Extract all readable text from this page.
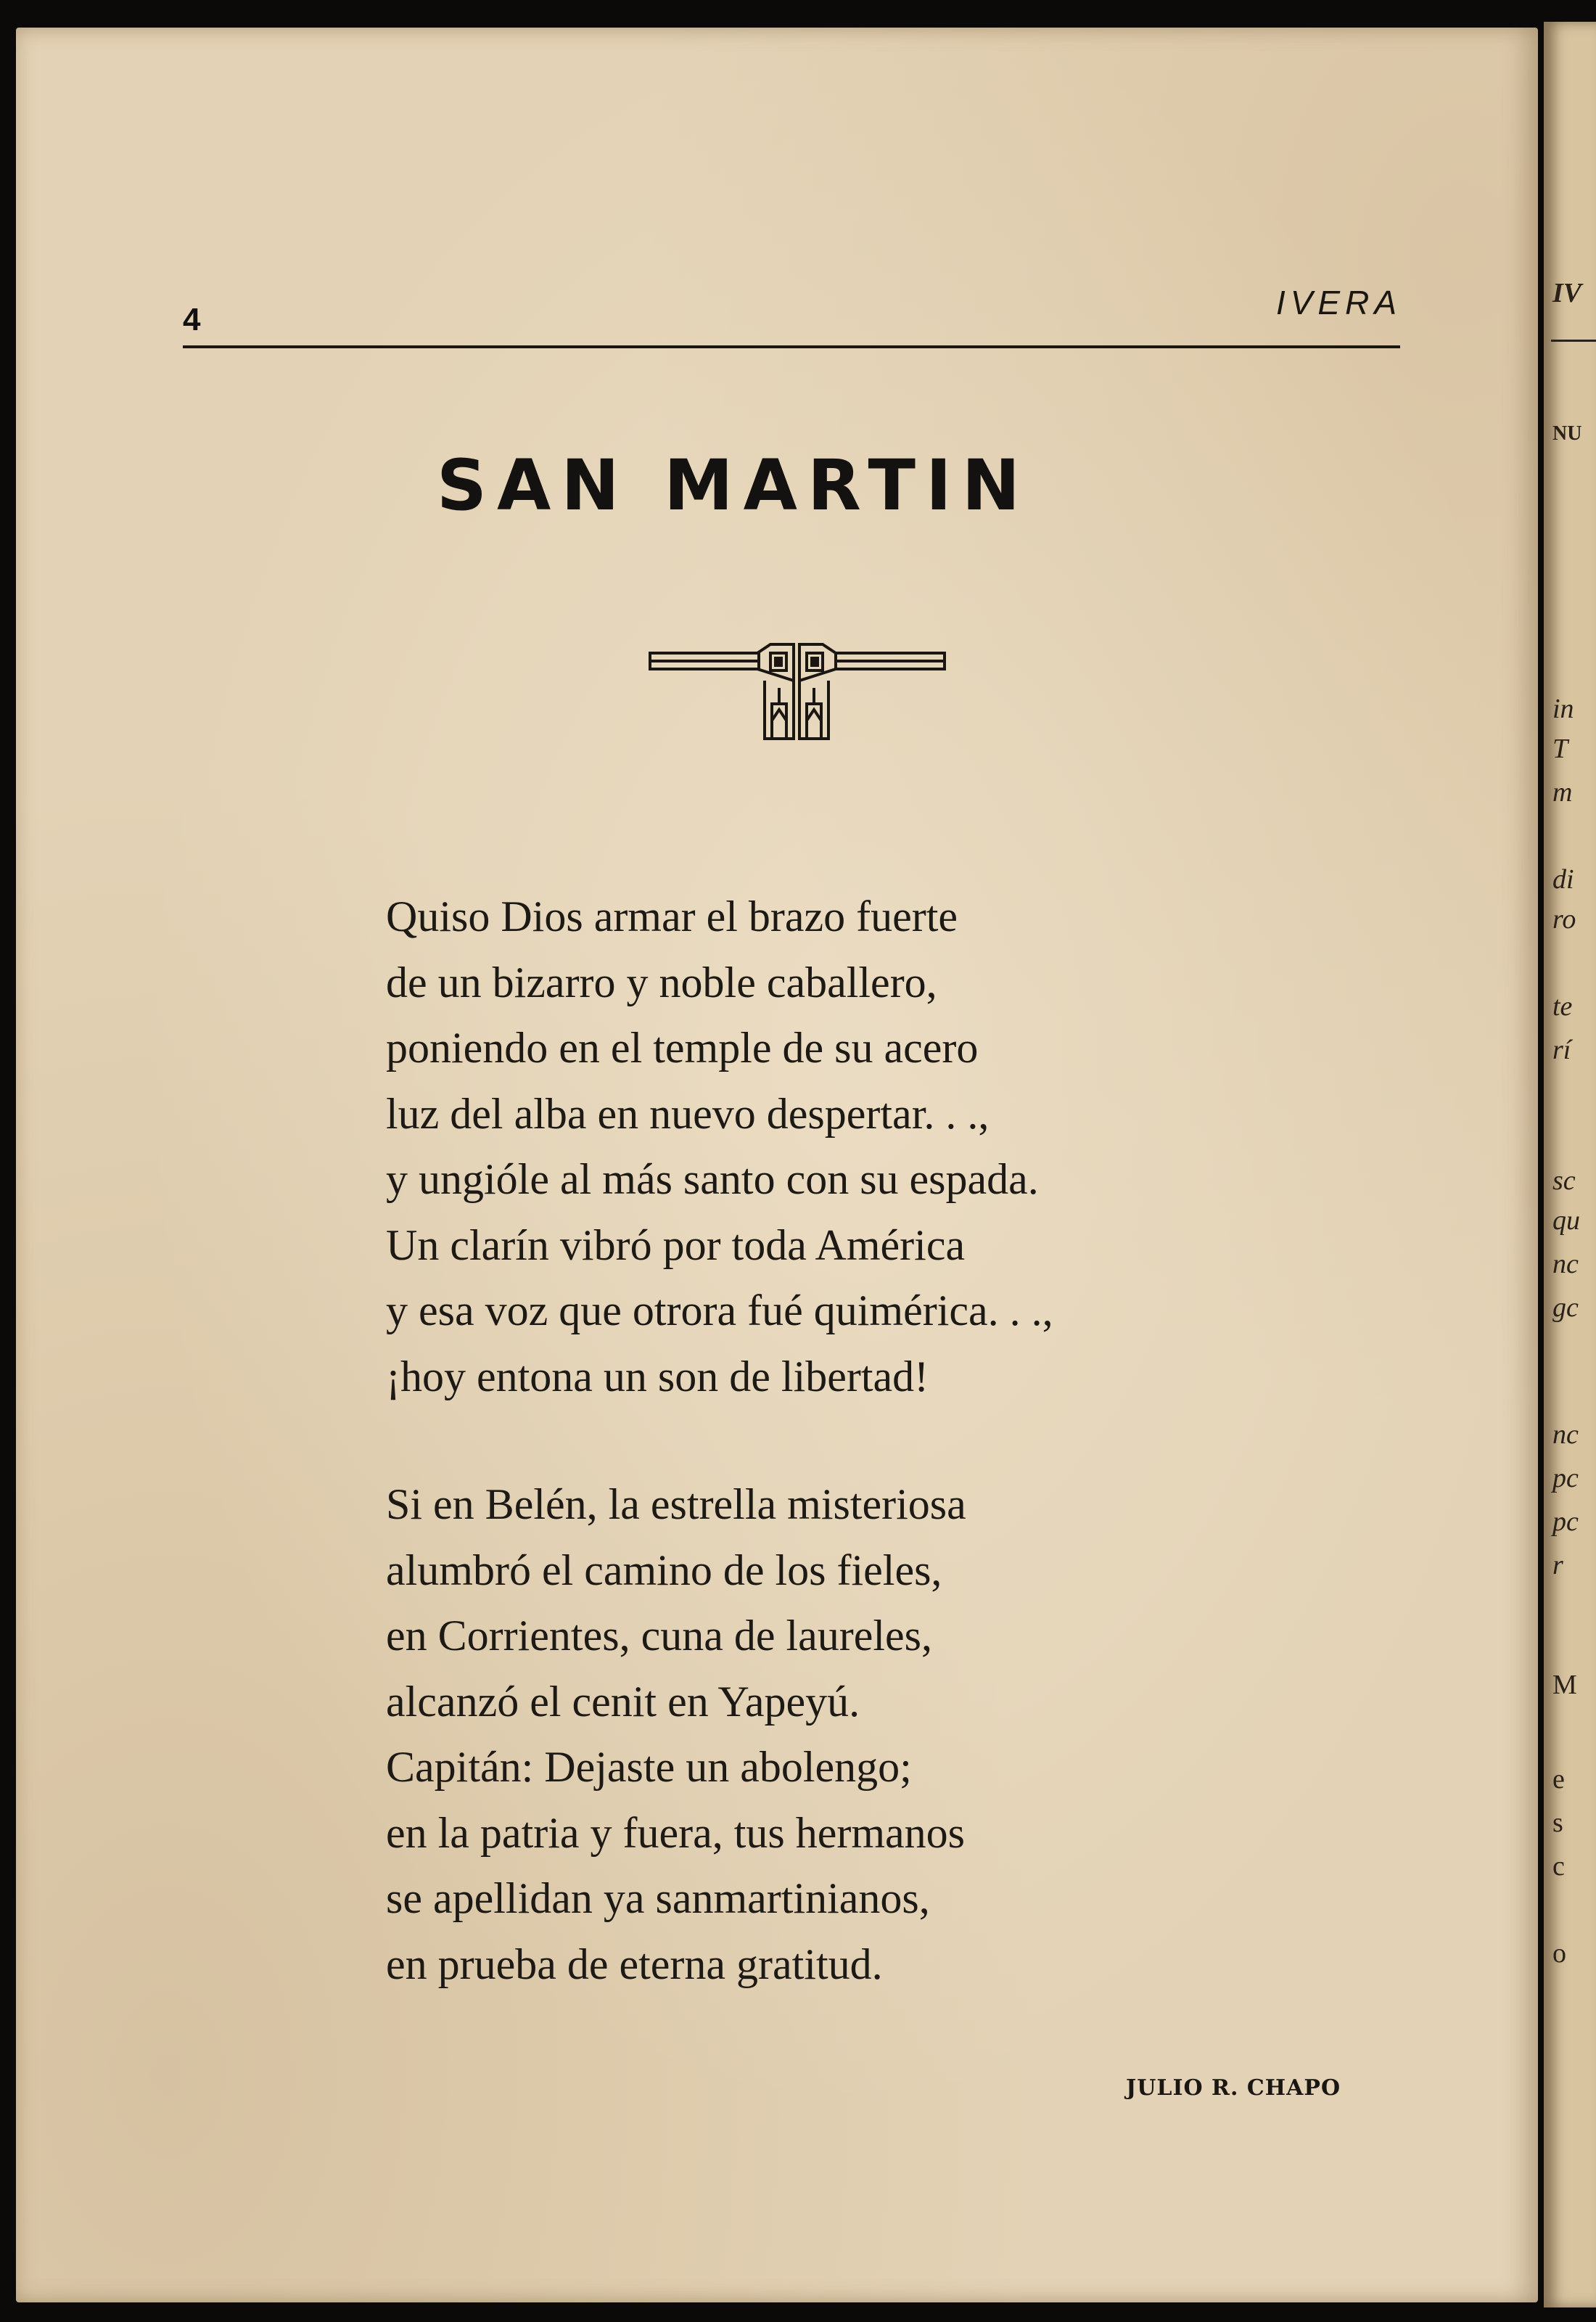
4	IVERA
SAN MARTIN
Quiso Dios armar el brazo fuerte
de un bizarro y noble caballero,
poniendo en el temple de su acero
luz del alba en nuevo despertar. . .,
y ungióle al más santo con su espada.
Un clarín vibró por toda América
y esa voz que otrora fué quimérica. . .,
¡hoy entona un son de libertad!
Si en Belén, la estrella misteriosa
alumbró el camino de los fieles,
en Corrientes, cuna de laureles,
alcanzó el cenit en Yapeyú.
Capitán: Dejaste un abolengo;
en la patria y fuera, tus hermanos
se apellidan ya sanmartinianos,
en prueba de eterna gratitud.
JULIO R. CHAPO
IV
NU
in
T
m
di
ro
te
rí
sc
qu
nc
gc
nc
pc
pc
r
M
e
s
c
o
